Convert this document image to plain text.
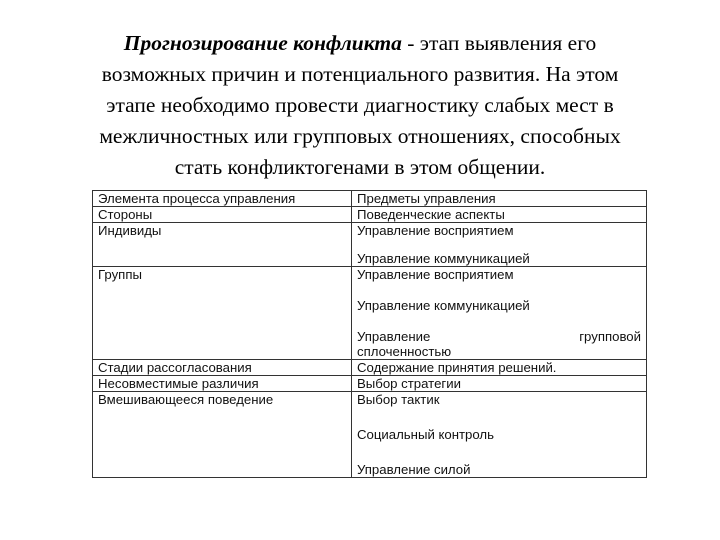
Прогнозирование конфликта - этап выявления его
возможных причин и потенциального развития. На этом
этапе необходимо провести диагностику слабых мест в
межличностных или групповых отношениях, способных
стать конфликтогенами в этом общении.
Элемента процесса управления	Предметы управления
Стороны	Поведенческие аспекты
Индивиды	Управление восприятием
Управление коммуникацией

Группы	Управление восприятием
Управление коммуникацией
Управление групповой
сплоченностью

Стадии рассогласования	Содержание принятия решений.
Несовместимые различия	Выбор стратегии
Вмешивающееся поведение	Выбор тактик
Социальный контроль
Управление силой
